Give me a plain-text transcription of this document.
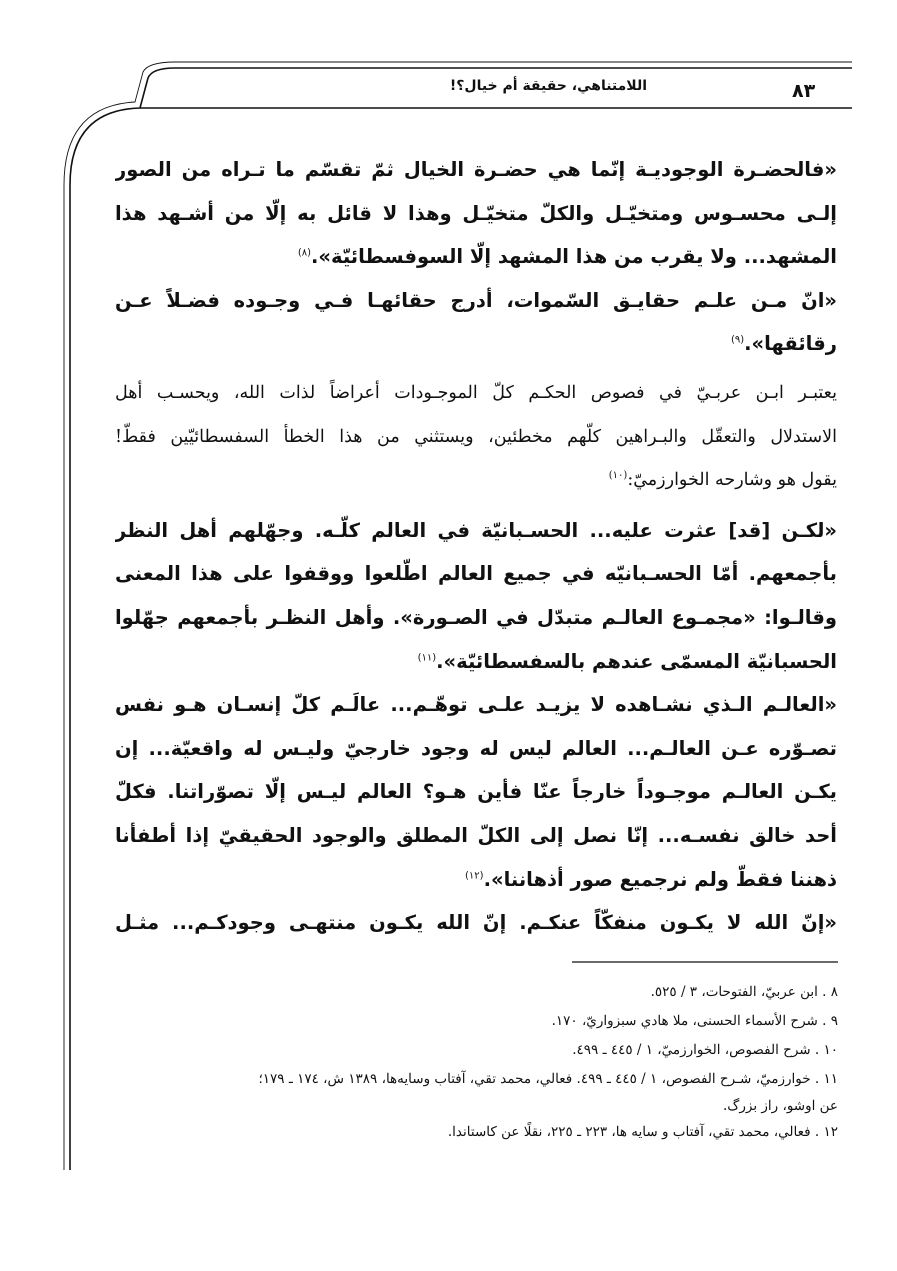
اللامتناهي، حقيقة أم خيال؟!	٨٣
«فالحضـرة الوجوديـة إنّما هي حضـرة الخيال ثمّ تقسّم ما تـراه من الصور
إلـى محسـوس ومتخيّـل والكلّ متخيّـل وهذا لا قائل به إلّا من أشـهد هذا
المشهد... ولا يقرب من هذا المشهد إلّا السوفسطائيّة».$^{(٨)}$
«انّ مـن علـم حقايـق السّموات، أدرج حقائهـا فـي وجـوده فضـلاً عـن
رقائقها».$^{(٩)}$
يعتبـر ابـن عربـيّ في فصوص الحكـم كلّ الموجـودات أعراضاً لذات الله، ويحسـب أهل
الاستدلال والتعقّل والبـراهين كلّهم مخطئين، ويستثني من هذا الخطأ السفسطائيّين فقطّ!
يقول هو وشارحه الخوارزميّ:$^{(١٠)}$
«لكـن [قد] عثرت عليه... الحسـبانيّة في العالم كلّـه. وجهّلهم أهل النظر
بأجمعهم. أمّا الحسـبانيّه في جميع العالم اطّلعوا ووقفوا على هذا المعنى
وقالـوا: «مجمـوع العالـم متبدّل في الصـورة». وأهل النظـر بأجمعهم جهّلوا
الحسبانيّة المسمّى عندهم بالسفسطائيّة».$^{(١١)}$
«العالـم الـذي نشـاهده لا يزيـد علـى توهّـم... عالَـم كلّ إنسـان هـو نفس
تصـوّره عـن العالـم... العالم ليس له وجود خارجيّ وليـس له واقعيّة... إن
يكـن العالـم موجـوداً خارجاً عنّا فأين هـو؟ العالم ليـس إلّا تصوّراتنا. فكلّ
أحد خالق نفسـه... إنّا نصل إلى الكلّ المطلق والوجود الحقيقيّ إذا أطفأنا
ذهننا فقطّ ولم نرجميع صور أذهاننا».$^{(١٢)}$
«إنّ الله لا يكـون منفكّاً عنكـم. إنّ الله يكـون منتهـى وجودكـم... مثـل
٨ . ابن عربيّ، الفتوحات، ٣ / ٥٢٥.
٩ . شرح الأسماء الحسنى، ملا هادي سبزواريّ، ١٧٠.
١٠ . شرح الفصوص، الخوارزميّ، ١ / ٤٤٥ ـ ٤٩٩.
١١ . خوارزميّ، شـرح الفصوص، ١ / ٤٤٥ ـ ٤٩٩. فعالي، محمد تقي، آفتاب وسايه‌ها، ١٣٨٩ ش، ١٧٤ ـ ١٧٩؛
عن اوشو، راز بزرگ.
١٢ . فعالي، محمد تقي، آفتاب و سايه ها، ٢٢٣ ـ ٢٢٥، نقلًا عن كاستاندا.
